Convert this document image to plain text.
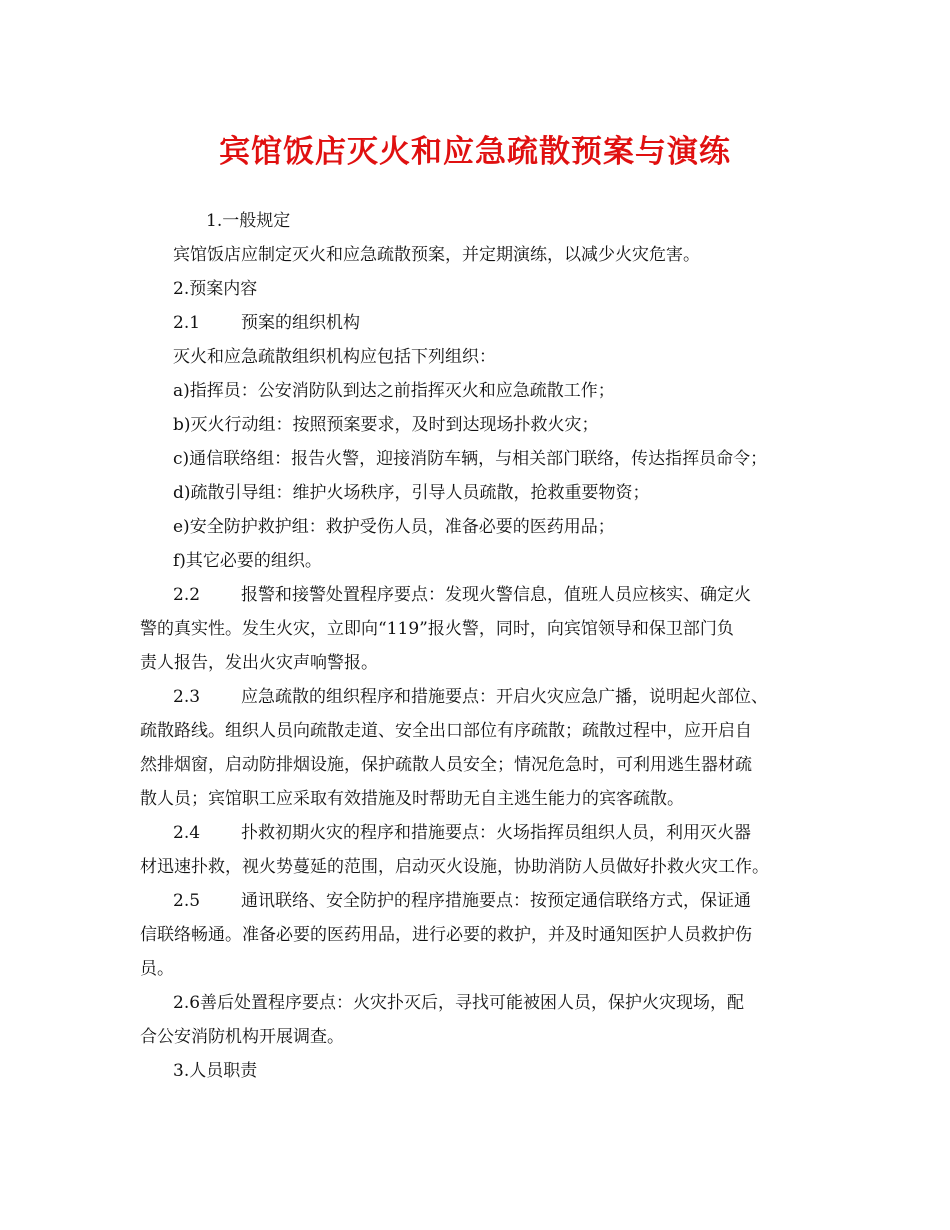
宾馆饭店灭火和应急疏散预案与演练
1.一般规定
宾馆饭店应制定灭火和应急疏散预案，并定期演练，以减少火灾危害。
2.预案内容
2.1 预案的组织机构
灭火和应急疏散组织机构应包括下列组织：
a)指挥员：公安消防队到达之前指挥灭火和应急疏散工作；
b)灭火行动组：按照预案要求，及时到达现场扑救火灾；
c)通信联络组：报告火警，迎接消防车辆，与相关部门联络，传达指挥员命令；
d)疏散引导组：维护火场秩序，引导人员疏散，抢救重要物资；
e)安全防护救护组：救护受伤人员，准备必要的医药用品；
f)其它必要的组织。
2.2 报警和接警处置程序要点：发现火警信息，值班人员应核实、确定火
警的真实性。发生火灾，立即向“119”报火警，同时，向宾馆领导和保卫部门负
责人报告，发出火灾声响警报。
2.3 应急疏散的组织程序和措施要点：开启火灾应急广播，说明起火部位、
疏散路线。组织人员向疏散走道、安全出口部位有序疏散；疏散过程中，应开启自
然排烟窗，启动防排烟设施，保护疏散人员安全；情况危急时，可利用逃生器材疏
散人员；宾馆职工应采取有效措施及时帮助无自主逃生能力的宾客疏散。
2.4 扑救初期火灾的程序和措施要点：火场指挥员组织人员，利用灭火器
材迅速扑救，视火势蔓延的范围，启动灭火设施，协助消防人员做好扑救火灾工作。
2.5 通讯联络、安全防护的程序措施要点：按预定通信联络方式，保证通
信联络畅通。准备必要的医药用品，进行必要的救护，并及时通知医护人员救护伤
员。
2.6善后处置程序要点：火灾扑灭后，寻找可能被困人员，保护火灾现场，配
合公安消防机构开展调查。
3.人员职责
